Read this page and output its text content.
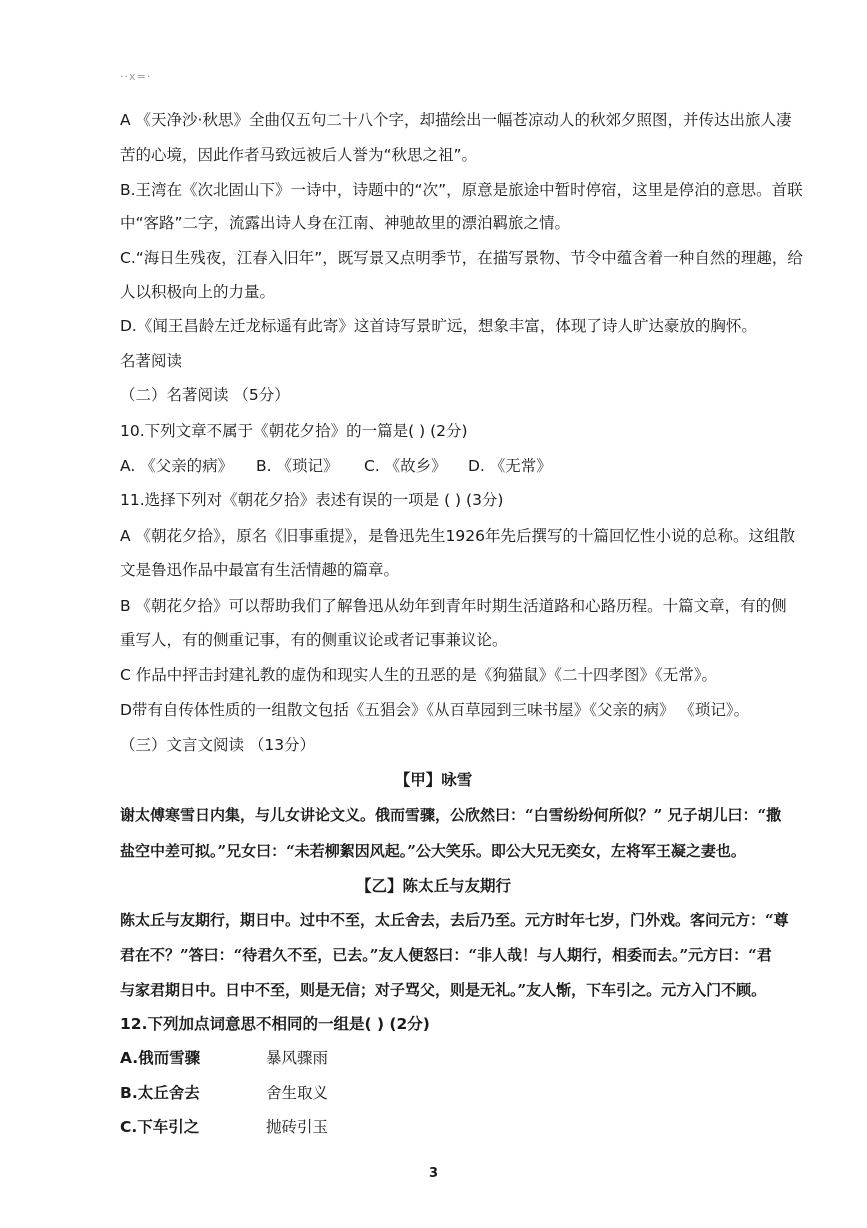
··x=·
A 《天净沙·秋思》全曲仅五句二十八个字，却描绘出一幅苍凉动人的秋郊夕照图，并传达出旅人凄
苦的心境，因此作者马致远被后人誉为“秋思之祖”。
B.王湾在《次北固山下》一诗中，诗题中的“次”，原意是旅途中暂时停宿，这里是停泊的意思。首联
中“客路”二字，流露出诗人身在江南、神驰故里的漂泊羁旅之情。
C.“海日生残夜，江春入旧年”，既写景又点明季节，在描写景物、节令中蕴含着一种自然的理趣，给
人以积极向上的力量。
D.《闻王昌龄左迁龙标遥有此寄》这首诗写景旷远，想象丰富，体现了诗人旷达豪放的胸怀。
名著阅读
（二）名著阅读 （5分）
10.下列文章不属于《朝花夕拾》的一篇是( ) (2分)
A. 《父亲的病》 B. 《琐记》 C. 《故乡》 D. 《无常》
11.选择下列对《朝花夕拾》表述有误的一项是 ( ) (3分)
A 《朝花夕拾》，原名《旧事重提》，是鲁迅先生1926年先后撰写的十篇回忆性小说的总称。这组散
文是鲁迅作品中最富有生活情趣的篇章。
B 《朝花夕拾》可以帮助我们了解鲁迅从幼年到青年时期生活道路和心路历程。十篇文章，有的侧
重写人，有的侧重记事，有的侧重议论或者记事兼议论。
C 作品中抨击封建礼教的虚伪和现实人生的丑恶的是《狗猫鼠》《二十四孝图》《无常》。
D带有自传体性质的一组散文包括《五猖会》《从百草园到三味书屋》《父亲的病》 《琐记》。
（三）文言文阅读 （13分）
【甲】咏雪
谢太傅寒雪日内集，与儿女讲论文义。俄而雪骤，公欣然曰：“白雪纷纷何所似？” 兄子胡儿曰：“撒
盐空中差可拟。”兄女曰：“未若柳絮因风起。”公大笑乐。即公大兄无奕女，左将军王凝之妻也。
【乙】陈太丘与友期行
陈太丘与友期行，期日中。过中不至，太丘舍去，去后乃至。元方时年七岁，门外戏。客问元方：“尊
君在不？”答曰：“待君久不至，已去。”友人便怒曰：“非人哉！与人期行，相委而去。”元方曰：“君
与家君期日中。日中不至，则是无信；对子骂父，则是无礼。”友人惭，下车引之。元方入门不顾。
12.下列加点词意思不相同的一组是( ) (2分)
A.俄而雪骤	暴风骤雨
B.太丘舍去	舍生取义
C.下车引之	抛砖引玉
3
